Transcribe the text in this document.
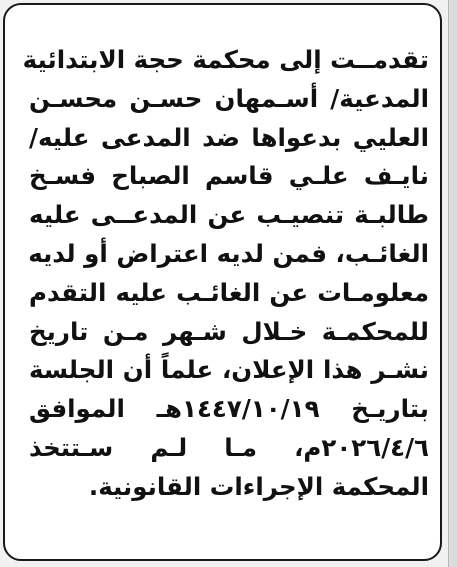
تقدمــت إلى محكمة حجة الابتدائية
المدعية/ أسـمهان حسـن محسـن
العليي بدعواها ضد المدعى عليه/
نايـف علـي قاسم الصباح فسـخ
طالبـة تنصيـب عن المدعــى عليه
الغائـب، فمن لديه اعتراض أو لديه
معلومـات عن الغائـب عليه التقدم
للمحكمـة خـلال شـهر مـن تاريخ
نشـر هذا الإعلان، علماً أن الجلسة
بتاريـخ ١٤٤٧/١٠/١٩هـ الموافق
٢٠٢٦/٤/٦م، مـا لـم سـتتخذ
المحكمة الإجراءات القانونية.
